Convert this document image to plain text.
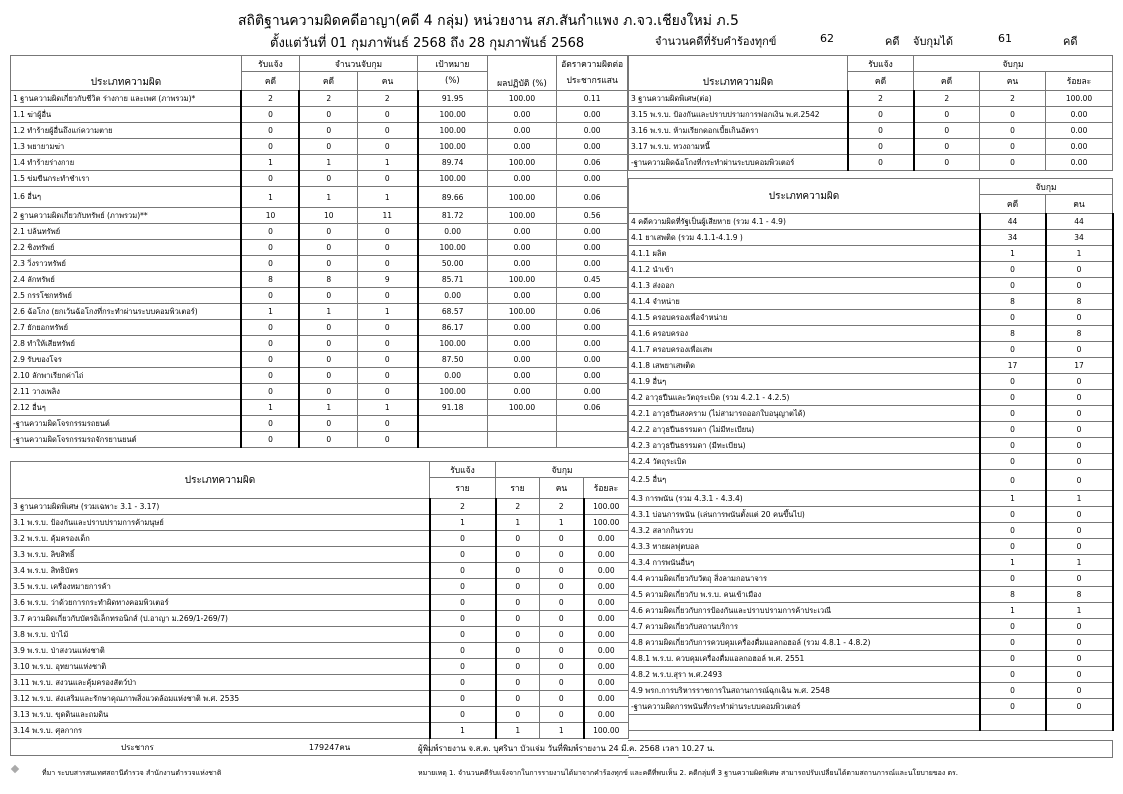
สถิติฐานความผิดคดีอาญา(คดี 4 กลุ่ม) หน่วยงาน สภ.สันกำแพง ภ.จว.เชียงใหม่ ภ.5
ตั้งแต่วันที่ 01 กุมภาพันธ์ 2568 ถึง 28 กุมภาพันธ์ 2568	จำนวนคดีที่รับคำร้องทุกข์	62	คดี	จับกุมได้	61	คดี
ประเภทความผิด	รับแจ้ง	จำนวนจับกุม		เป้าหมาย	ผลปฏิบัติ (%)	อัตราความผิดต่อประชากรแสน
	คดี	คดี	คน	(%)		
1 ฐานความผิดเกี่ยวกับชีวิต ร่างกาย และเพศ (ภาพรวม)*	2	2	2	91.95	100.00	0.11
1.1 ฆ่าผู้อื่น	0	0	0	100.00	0.00	0.00
1.2 ทำร้ายผู้อื่นถึงแก่ความตาย	0	0	0	100.00	0.00	0.00
1.3 พยายามฆ่า	0	0	0	100.00	0.00	0.00
1.4 ทำร้ายร่างกาย	1	1	1	89.74	100.00	0.06
1.5 ข่มขืนกระทำชำเรา	0	0	0	100.00	0.00	0.00
1.6 อื่นๆ	1	1	1	89.66	100.00	0.06
2 ฐานความผิดเกี่ยวกับทรัพย์ (ภาพรวม)**	10	10	11	81.72	100.00	0.56
2.1 ปล้นทรัพย์	0	0	0	0.00	0.00	0.00
2.2 ชิงทรัพย์	0	0	0	100.00	0.00	0.00
2.3 วิ่งราวทรัพย์	0	0	0	50.00	0.00	0.00
2.4 ลักทรัพย์	8	8	9	85.71	100.00	0.45
2.5 กรรโชกทรัพย์	0	0	0	0.00	0.00	0.00
2.6 ฉ้อโกง (ยกเว้นฉ้อโกงที่กระทำผ่านระบบคอมพิวเตอร์)	1	1	1	68.57	100.00	0.06
2.7 ยักยอกทรัพย์	0	0	0	86.17	0.00	0.00
2.8 ทำให้เสียทรัพย์	0	0	0	100.00	0.00	0.00
2.9 รับของโจร	0	0	0	87.50	0.00	0.00
2.10 ลักพาเรียกค่าไถ่	0	0	0	0.00	0.00	0.00
2.11 วางเพลิง	0	0	0	100.00	0.00	0.00
2.12 อื่นๆ	1	1	1	91.18	100.00	0.06
-ฐานความผิดโจรกรรมรถยนต์	0	0	0			
-ฐานความผิดโจรกรรมรถจักรยานยนต์	0	0	0			
ประเภทความผิด	รับแจ้ง	จับกุม		
	ราย	ราย	คน	ร้อยละ
3 ฐานความผิดพิเศษ (รวมเฉพาะ 3.1 - 3.17)	2	2	2	100.00
3.1 พ.ร.บ. ป้องกันและปราบปรามการค้ามนุษย์	1	1	1	100.00
3.2 พ.ร.บ. คุ้มครองเด็ก	0	0	0	0.00
3.3 พ.ร.บ. ลิขสิทธิ์	0	0	0	0.00
3.4 พ.ร.บ. สิทธิบัตร	0	0	0	0.00
3.5 พ.ร.บ. เครื่องหมายการค้า	0	0	0	0.00
3.6 พ.ร.บ. ว่าด้วยการกระทำผิดทางคอมพิวเตอร์	0	0	0	0.00
3.7 ความผิดเกี่ยวกับบัตรอิเล็กทรอนิกส์ (ป.อาญา ม.269/1-269/7)	0	0	0	0.00
3.8 พ.ร.บ. ป่าไม้	0	0	0	0.00
3.9 พ.ร.บ. ป่าสงวนแห่งชาติ	0	0	0	0.00
3.10 พ.ร.บ. อุทยานแห่งชาติ	0	0	0	0.00
3.11 พ.ร.บ. สงวนและคุ้มครองสัตว์ป่า	0	0	0	0.00
3.12 พ.ร.บ. ส่งเสริมและรักษาคุณภาพสิ่งแวดล้อมแห่งชาติ พ.ศ. 2535	0	0	0	0.00
3.13 พ.ร.บ. ขุดดินและถมดิน	0	0	0	0.00
3.14 พ.ร.บ. ศุลกากร	1	1	1	100.00
ประชากร 179247คน					ผู้พิมพ์รายงาน จ.ส.ต. บุศรินา บัวแจ่ม วันที่พิมพ์รายงาน 24 มี.ค. 2568 เวลา 10.27 น.
ประเภทความผิด	รับแจ้ง	จับกุม		
	คดี	คดี	คน	ร้อยละ
3 ฐานความผิดพิเศษ(ต่อ)	2	2	2	100.00
3.15 พ.ร.บ. ป้องกันและปราบปรามการฟอกเงิน พ.ศ.2542	0	0	0	0.00
3.16 พ.ร.บ. ห้ามเรียกดอกเบี้ยเกินอัตรา	0	0	0	0.00
3.17 พ.ร.บ. ทวงถามหนี้	0	0	0	0.00
-ฐานความผิดฉ้อโกงที่กระทำผ่านระบบคอมพิวเตอร์	0	0	0	0.00
ประเภทความผิด	จับกุม	
	คดี	คน
4 คดีความผิดที่รัฐเป็นผู้เสียหาย (รวม 4.1 - 4.9)	44	44
4.1 ยาเสพติด (รวม 4.1.1-4.1.9 )	34	34
4.1.1 ผลิต	1	1
4.1.2 นำเข้า	0	0
4.1.3 ส่งออก	0	0
4.1.4 จำหน่าย	8	8
4.1.5 ครอบครองเพื่อจำหน่าย	0	0
4.1.6 ครอบครอง	8	8
4.1.7 ครอบครองเพื่อเสพ	0	0
4.1.8 เสพยาเสพติด	17	17
4.1.9 อื่นๆ	0	0
4.2 อาวุธปืนและวัตถุระเบิด (รวม 4.2.1 - 4.2.5)	0	0
4.2.1 อาวุธปืนสงคราม (ไม่สามารถออกใบอนุญาตได้)	0	0
4.2.2 อาวุธปืนธรรมดา (ไม่มีทะเบียน)	0	0
4.2.3 อาวุธปืนธรรมดา (มีทะเบียน)	0	0
4.2.4 วัตถุระเบิด	0	0
4.2.5 อื่นๆ	0	0
4.3 การพนัน (รวม 4.3.1 - 4.3.4)	1	1
4.3.1 บ่อนการพนัน (เล่นการพนันตั้งแต่ 20 คนขึ้นไป)	0	0
4.3.2 สลากกินรวบ	0	0
4.3.3 ทายผลฟุตบอล	0	0
4.3.4 การพนันอื่นๆ	1	1
4.4 ความผิดเกี่ยวกับวัตถุ สิ่งลามกอนาจาร	0	0
4.5 ความผิดเกี่ยวกับ พ.ร.บ. คนเข้าเมือง	8	8
4.6 ความผิดเกี่ยวกับการป้องกันและปราบปรามการค้าประเวณี	1	1
4.7 ความผิดเกี่ยวกับสถานบริการ	0	0
4.8 ความผิดเกี่ยวกับการควบคุมเครื่องดื่มแอลกอฮอล์ (รวม 4.8.1 - 4.8.2)	0	0
4.8.1 พ.ร.บ. ควบคุมเครื่องดื่มแอลกอฮอล์ พ.ศ. 2551	0	0
4.8.2 พ.ร.บ.สุรา พ.ศ.2493	0	0
4.9 พรก.การบริหารราชการในสถานการณ์ฉุกเฉิน พ.ศ. 2548	0	0
-ฐานความผิดการพนันที่กระทำผ่านระบบคอมพิวเตอร์	0	0

ที่มา ระบบสารสนเทศสถานีตำรวจ สำนักงานตำรวจแห่งชาติ	หมายเหตุ 1. จำนวนคดีรับแจ้งจากในการรายงานได้มาจากคำร้องทุกข์ และคดีที่พบเห็น 2. คดีกลุ่มที่ 3 ฐานความผิดพิเศษ สามารถปรับเปลี่ยนได้ตามสถานการณ์และนโยบายของ ตร.
